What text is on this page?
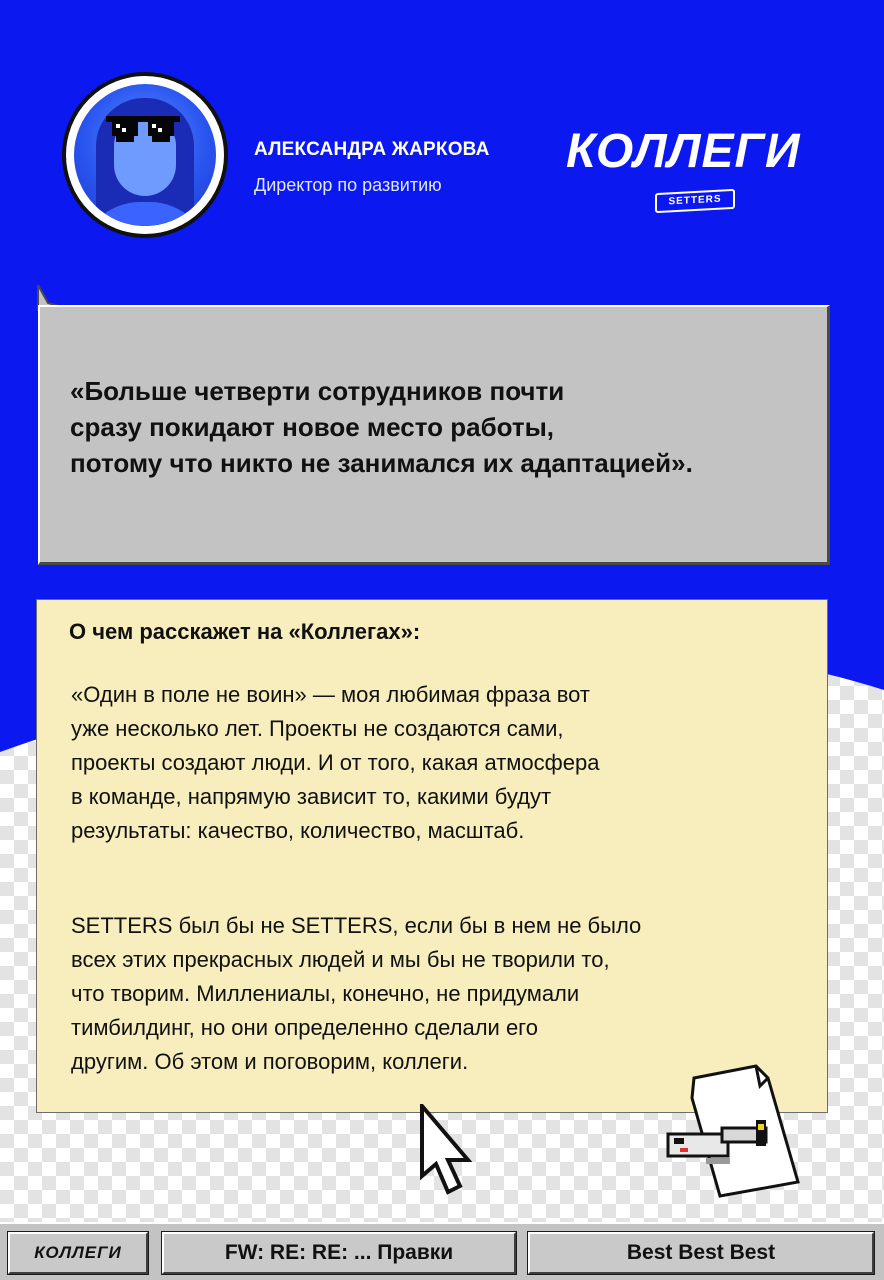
АЛЕКСАНДРА ЖАРКОВА

Директор по развитию

КОЛЛЕГИ
SETTERS

«Больше четверти сотрудников почти
сразу покидают новое место работы,
потому что никто не занимался их адаптацией».

О чем расскажет на «Коллегах»:

«Один в поле не воин» — моя любимая фраза вот
уже несколько лет. Проекты не создаются сами,
проекты создают люди. И от того, какая атмосфера
в команде, напрямую зависит то, какими будут
результаты: качество, количество, масштаб.

SETTERS был бы не SETTERS, если бы в нем не было
всех этих прекрасных людей и мы бы не творили то,
что творим. Миллениалы, конечно, не придумали
тимбилдинг, но они определенно сделали его
другим. Об этом и поговорим, коллеги.

КОЛЛЕГИ	FW: RE: RE: ... Правки	Best Best Best
